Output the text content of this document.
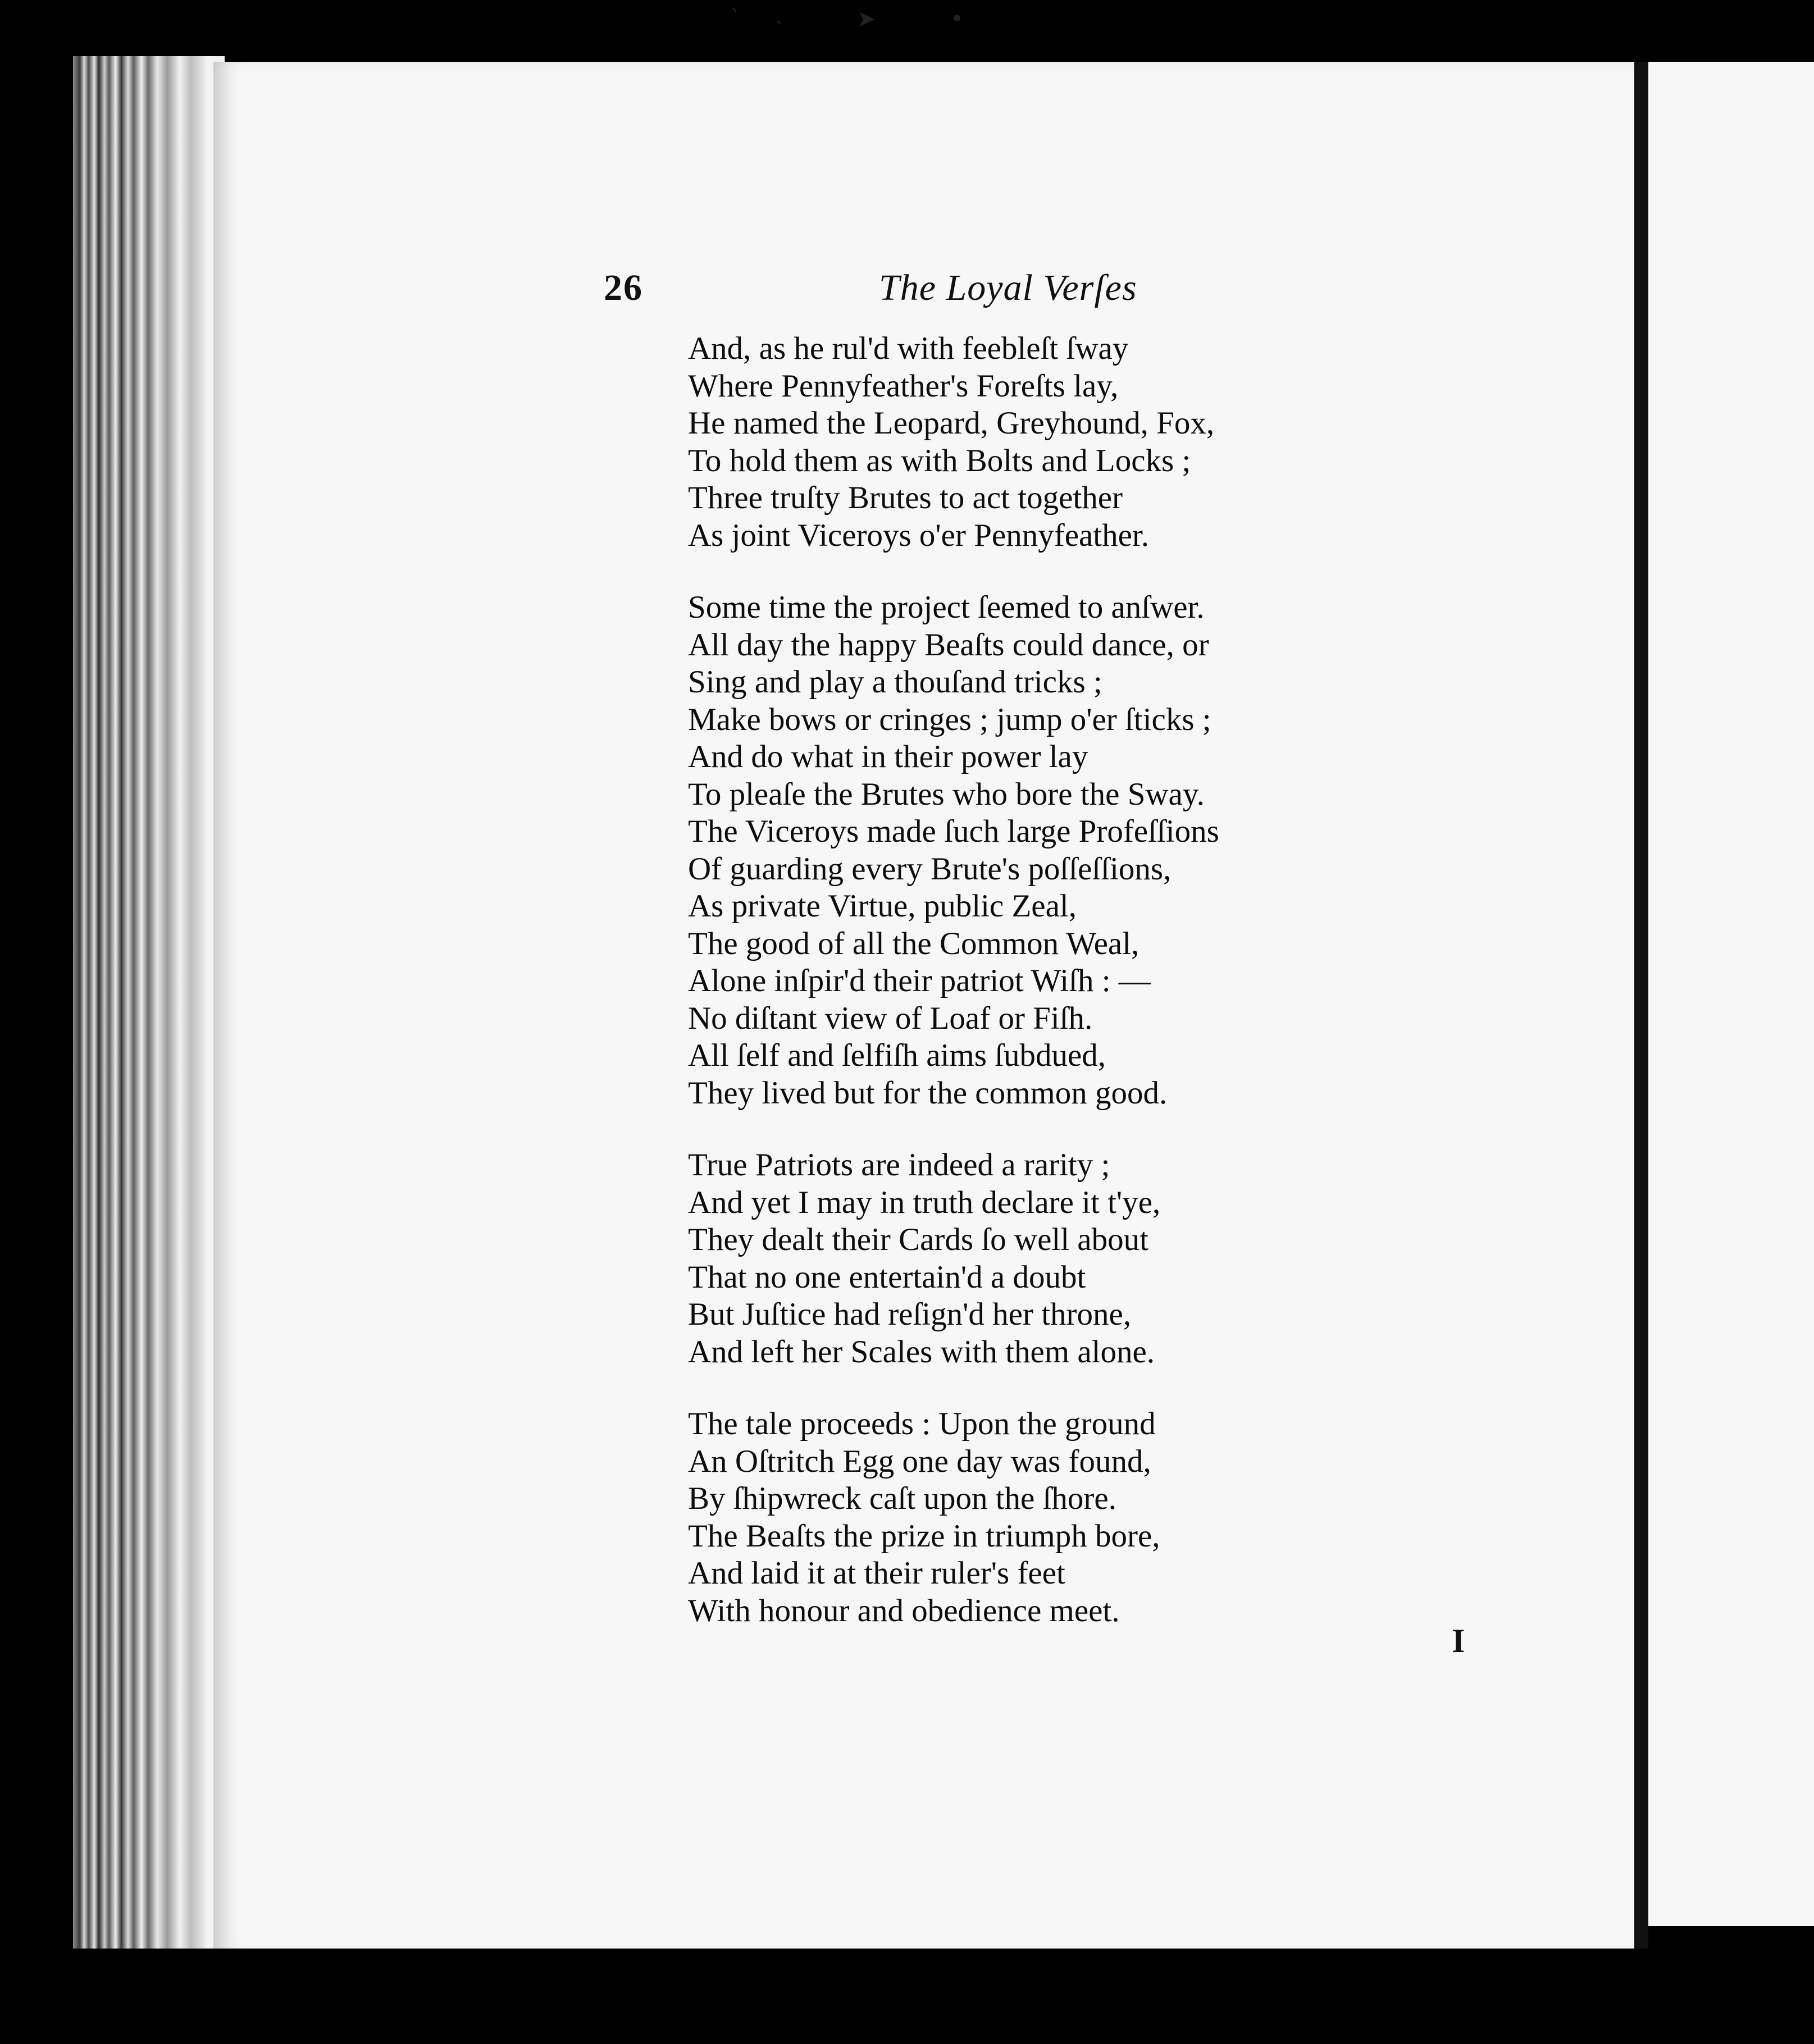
ˋ˴ ➤ •
26	The Loyal Verſes
And, as he rul'd with feebleſt ſway
Where Pennyfeather's Foreſts lay,
He named the Leopard, Greyhound, Fox,
To hold them as with Bolts and Locks ;
Three truſty Brutes to act together
As joint Viceroys o'er Pennyfeather.
Some time the project ſeemed to anſwer.
All day the happy Beaſts could dance, or
Sing and play a thouſand tricks ;
Make bows or cringes ; jump o'er ſticks ;
And do what in their power lay
To pleaſe the Brutes who bore the Sway.
The Viceroys made ſuch large Profeſſions
Of guarding every Brute's poſſeſſions,
As private Virtue, public Zeal,
The good of all the Common Weal,
Alone inſpir'd their patriot Wiſh : —
No diſtant view of Loaf or Fiſh.
All ſelf and ſelfiſh aims ſubdued,
They lived but for the common good.
True Patriots are indeed a rarity ;
And yet I may in truth declare it t'ye,
They dealt their Cards ſo well about
That no one entertain'd a doubt
But Juſtice had reſign'd her throne,
And left her Scales with them alone.
The tale proceeds : Upon the ground
An Oſtritch Egg one day was found,
By ſhipwreck caſt upon the ſhore.
The Beaſts the prize in triumph bore,
And laid it at their ruler's feet
With honour and obedience meet.
I
